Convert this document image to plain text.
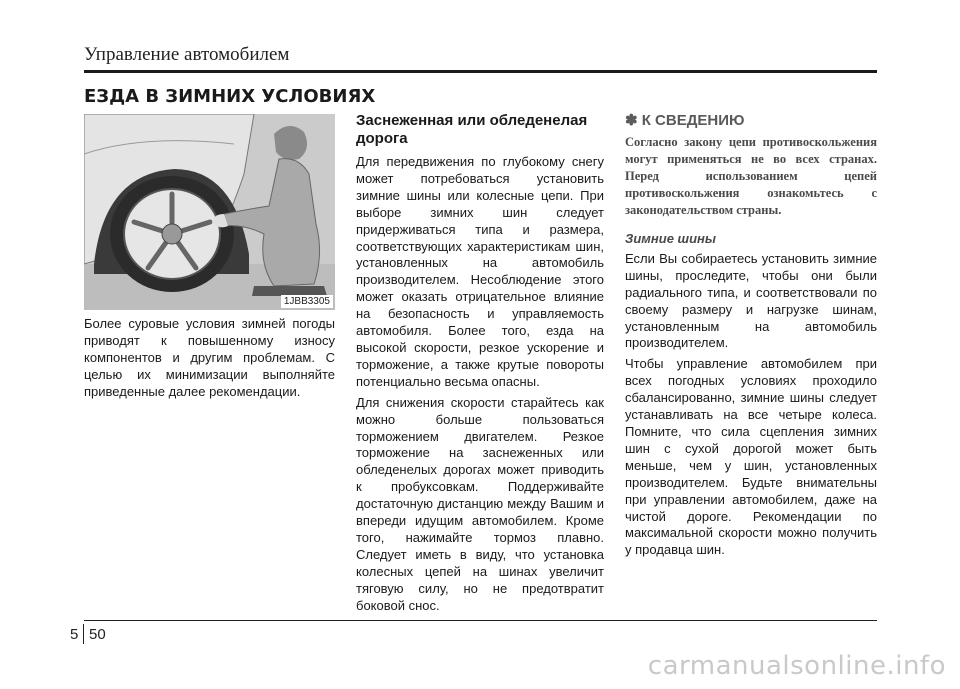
Управление автомобилем
ЕЗДА В ЗИМНИХ УСЛОВИЯХ
1JBB3305

Более суровые условия зимней погоды приводят к повышенному износу компонентов и другим проблемам. С целью их минимизации выполняйте приведенные далее рекомендации.

Заснеженная или обледенелая дорога

Для передвижения по глубокому снегу может потребоваться установить зимние шины или колесные цепи. При выборе зимних шин следует придерживаться типа и размера, соответствующих характеристикам шин, установленных на автомобиль производителем. Несоблюдение этого может оказать отрицательное влияние на безопасность и управляемость автомобиля. Более того, езда на высокой скорости, резкое ускорение и торможение, а также крутые повороты потенциально весьма опасны.

Для снижения скорости старайтесь как можно больше пользоваться торможением двигателем. Резкое торможение на заснеженных или обледенелых дорогах может приводить к пробуксовкам. Поддерживайте достаточную дистанцию между Вашим и впереди идущим автомобилем. Кроме того, нажимайте тормоз плавно. Следует иметь в виду, что установка колесных цепей на шинах увеличит тяговую силу, но не предотвратит боковой снос.

✽ К СВЕДЕНИЮ
Согласно закону цепи противоскольжения могут применяться не во всех странах. Перед использованием цепей противоскольжения ознакомьтесь с законодательством страны.
Зимние шины

Если Вы собираетесь установить зимние шины, проследите, чтобы они были радиального типа, и соответствовали по своему размеру и нагрузке шинам, установленным на автомобиль производителем.

Чтобы управление автомобилем при всех погодных условиях проходило сбалансированно, зимние шины следует устанавливать на все четыре колеса. Помните, что сила сцепления зимних шин с сухой дорогой может быть меньше, чем у шин, установленных производителем. Будьте внимательны при управлении автомобилем, даже на чистой дороге. Рекомендации по максимальной скорости можно получить у продавца шин.

5 50
carmanualsonline.info
